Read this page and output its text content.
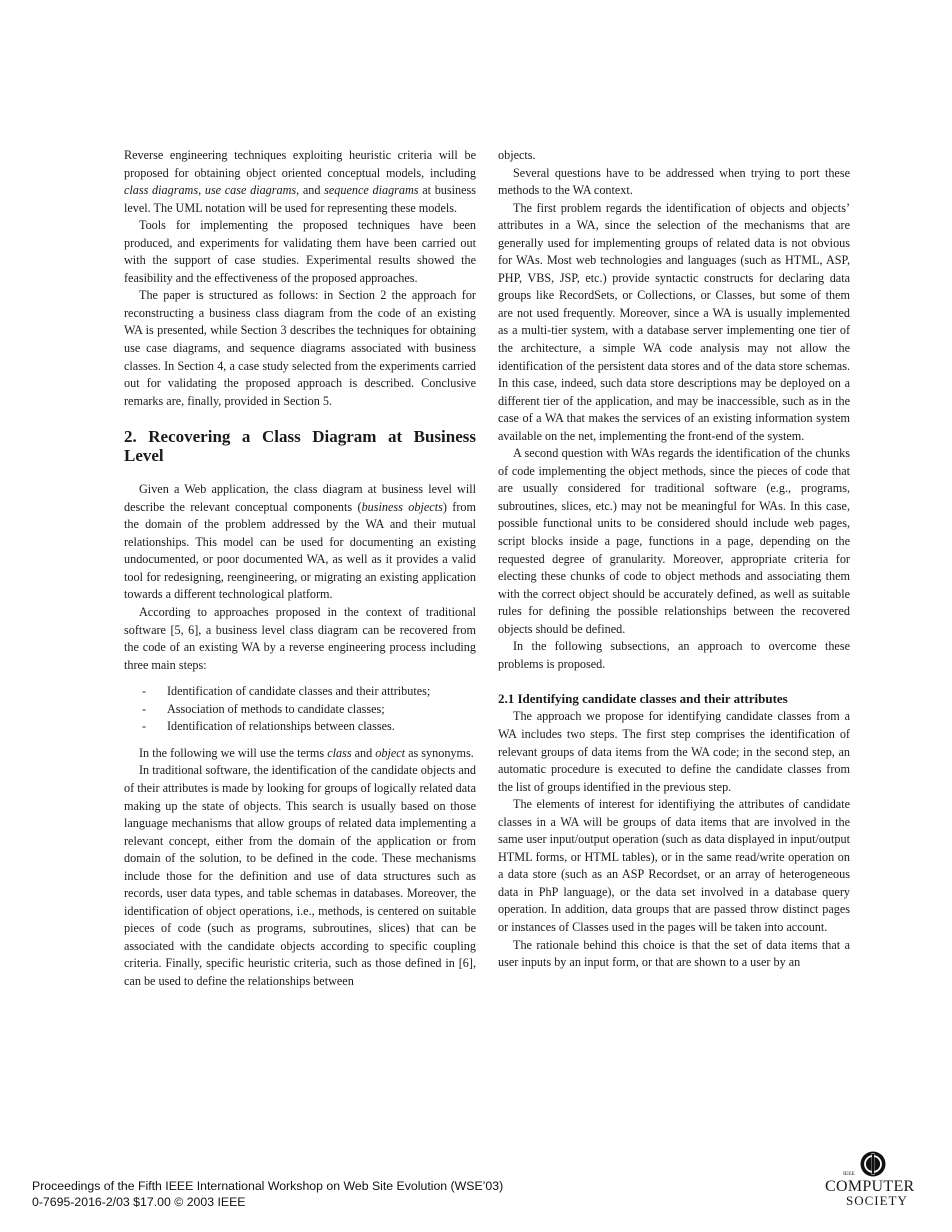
Reverse engineering techniques exploiting heuristic criteria will be proposed for obtaining object oriented conceptual models, including class diagrams, use case diagrams, and sequence diagrams at business level. The UML notation will be used for representing these models.

Tools for implementing the proposed techniques have been produced, and experiments for validating them have been carried out with the support of case studies. Experimental results showed the feasibility and the effectiveness of the proposed approaches.

The paper is structured as follows: in Section 2 the approach for reconstructing a business class diagram from the code of an existing WA is presented, while Section 3 describes the techniques for obtaining use case diagrams, and sequence diagrams associated with business classes. In Section 4, a case study selected from the experiments carried out for validating the proposed approach is described. Conclusive remarks are, finally, provided in Section 5.

2. Recovering a Class Diagram at Business Level

Given a Web application, the class diagram at business level will describe the relevant conceptual components (business objects) from the domain of the problem addressed by the WA and their mutual relationships. This model can be used for documenting an existing undocumented, or poor documented WA, as well as it provides a valid tool for redesigning, reengineering, or migrating an existing application towards a different technological platform.

According to approaches proposed in the context of traditional software [5, 6], a business level class diagram can be recovered from the code of an existing WA by a reverse engineering process including three main steps:

- Identification of candidate classes and their attributes;
- Association of methods to candidate classes;
- Identification of relationships between classes.

In the following we will use the terms class and object as synonyms.

In traditional software, the identification of the candidate objects and of their attributes is made by looking for groups of logically related data making up the state of objects. This search is usually based on those language mechanisms that allow groups of related data implementing a relevant concept, either from the domain of the application or from domain of the solution, to be defined in the code. These mechanisms include those for the definition and use of data structures such as records, user data types, and table schemas in databases. Moreover, the identification of object operations, i.e., methods, is centered on suitable pieces of code (such as programs, subroutines, slices) that can be associated with the candidate objects according to specific coupling criteria. Finally, specific heuristic criteria, such as those defined in [6], can be used to define the relationships between

objects.

Several questions have to be addressed when trying to port these methods to the WA context.

The first problem regards the identification of objects and objects’ attributes in a WA, since the selection of the mechanisms that are generally used for implementing groups of related data is not obvious for WAs. Most web technologies and languages (such as HTML, ASP, PHP, VBS, JSP, etc.) provide syntactic constructs for declaring data groups like RecordSets, or Collections, or Classes, but some of them are not used frequently. Moreover, since a WA is usually implemented as a multi-tier system, with a database server implementing one tier of the architecture, a simple WA code analysis may not allow the identification of the persistent data stores and of the data store schemas. In this case, indeed, such data store descriptions may be deployed on a different tier of the application, and may be inaccessible, such as in the case of a WA that makes the services of an existing information system available on the net, implementing the front-end of the system.

A second question with WAs regards the identification of the chunks of code implementing the object methods, since the pieces of code that are usually considered for traditional software (e.g., programs, subroutines, slices, etc.) may not be meaningful for WAs. In this case, possible functional units to be considered should include web pages, script blocks inside a page, functions in a page, depending on the requested degree of granularity. Moreover, appropriate criteria for electing these chunks of code to object methods and associating them with the correct object should be accurately defined, as well as suitable rules for defining the possible relationships between the recovered objects should be defined.

In the following subsections, an approach to overcome these problems is proposed.

2.1 Identifying candidate classes and their attributes

The approach we propose for identifying candidate classes from a WA includes two steps. The first step comprises the identification of relevant groups of data items from the WA code; in the second step, an automatic procedure is executed to define the candidate classes from the list of groups identified in the previous step.

The elements of interest for identifiying the attributes of candidate classes in a WA will be groups of data items that are involved in the same user input/output operation (such as data displayed in input/output HTML forms, or HTML tables), or in the same read/write operation on a data store (such as an ASP Recordset, or an array of heterogeneous data in PhP language), or the data set involved in a database query operation. In addition, data groups that are passed throw distinct pages or instances of Classes used in the pages will be taken into account.

The rationale behind this choice is that the set of data items that a user inputs by an input form, or that are shown to a user by an

Proceedings of the Fifth IEEE International Workshop on Web Site Evolution (WSE’03)
0-7695-2016-2/03 $17.00 © 2003 IEEE
IEEE
COMPUTER
SOCIETY
